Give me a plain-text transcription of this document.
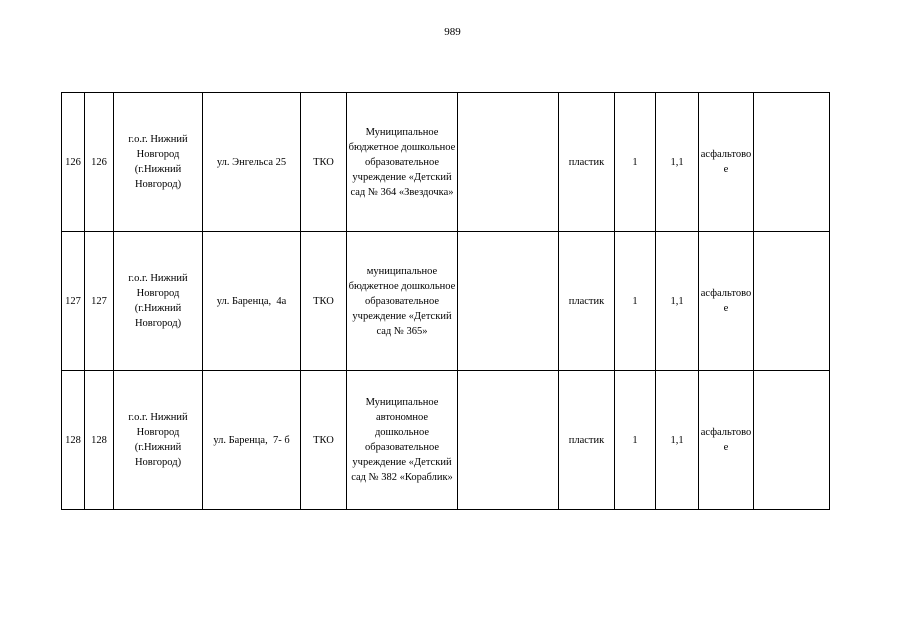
989
126	126	г.о.г. Нижний Новгород (г.Нижний Новгород)	ул. Энгельса 25	ТКО	Муниципальное бюджетное дошкольное образовательное учреждение «Детский сад № 364 «Звездочка»		пластик	1	1,1	асфальтовое	
127	127	г.о.г. Нижний Новгород (г.Нижний Новгород)	ул. Баренца,  4а	ТКО	муниципальное бюджетное дошкольное образовательное учреждение «Детский сад № 365»		пластик	1	1,1	асфальтовое	
128	128	г.о.г. Нижний Новгород (г.Нижний Новгород)	ул. Баренца,  7- б	ТКО	Муниципальное автономное дошкольное образовательное учреждение «Детский сад № 382 «Кораблик»		пластик	1	1,1	асфальтовое	
